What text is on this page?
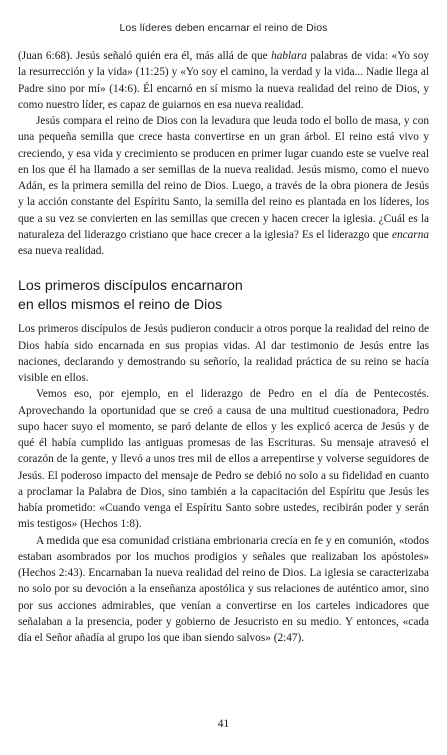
Los líderes deben encarnar el reino de Dios

(Juan 6:68). Jesús señaló quién era él, más allá de que hablara palabras de vida: «Yo soy la resurrección y la vida» (11:25) y «Yo soy el camino, la verdad y la vida... Nadie llega al Padre sino por mí» (14:6). Él encarnó en sí mismo la nueva realidad del reino de Dios, y como nuestro líder, es capaz de guiarnos en esa nueva realidad.

Jesús compara el reino de Dios con la levadura que leuda todo el bollo de masa, y con una pequeña semilla que crece hasta convertirse en un gran árbol. El reino está vivo y creciendo, y esa vida y crecimiento se producen en primer lugar cuando este se vuelve real en los que él ha llamado a ser semillas de la nueva realidad. Jesús mismo, como el nuevo Adán, es la primera semilla del reino de Dios. Luego, a través de la obra pionera de Jesús y la acción constante del Espíritu Santo, la semilla del reino es plantada en los líderes, los que a su vez se convierten en las semillas que crecen y hacen crecer la iglesia. ¿Cuál es la naturaleza del liderazgo cristiano que hace crecer a la iglesia? Es el liderazgo que encarna esa nueva realidad.

Los primeros discípulos encarnaron
en ellos mismos el reino de Dios

Los primeros discípulos de Jesús pudieron conducir a otros porque la realidad del reino de Dios había sido encarnada en sus propias vidas. Al dar testimonio de Jesús entre las naciones, declarando y demostrando su señorío, la realidad práctica de su reino se hacía visible en ellos.

Vemos eso, por ejemplo, en el liderazgo de Pedro en el día de Pentecostés. Aprovechando la oportunidad que se creó a causa de una multitud cuestionadora, Pedro supo hacer suyo el momento, se paró delante de ellos y les explicó acerca de Jesús y de qué él había cumplido las antiguas promesas de las Escrituras. Su mensaje atravesó el corazón de la gente, y llevó a unos tres mil de ellos a arrepentirse y volverse seguidores de Jesús. El poderoso impacto del mensaje de Pedro se debió no solo a su fidelidad en cuanto a proclamar la Palabra de Dios, sino también a la capacitación del Espíritu que Jesús les había prometido: «Cuando venga el Espíritu Santo sobre ustedes, recibirán poder y serán mis testigos» (Hechos 1:8).

A medida que esa comunidad cristiana embrionaria crecía en fe y en comunión, «todos estaban asombrados por los muchos prodigios y señales que realizaban los apóstoles» (Hechos 2:43). Encarnaban la nueva realidad del reino de Dios. La iglesia se caracterizaba no solo por su devoción a la enseñanza apostólica y sus relaciones de auténtico amor, sino por sus acciones admirables, que venían a convertirse en los carteles indicadores que señalaban a la presencia, poder y gobierno de Jesucristo en su medio. Y entonces, «cada día el Señor añadía al grupo los que iban siendo salvos» (2:47).

41
